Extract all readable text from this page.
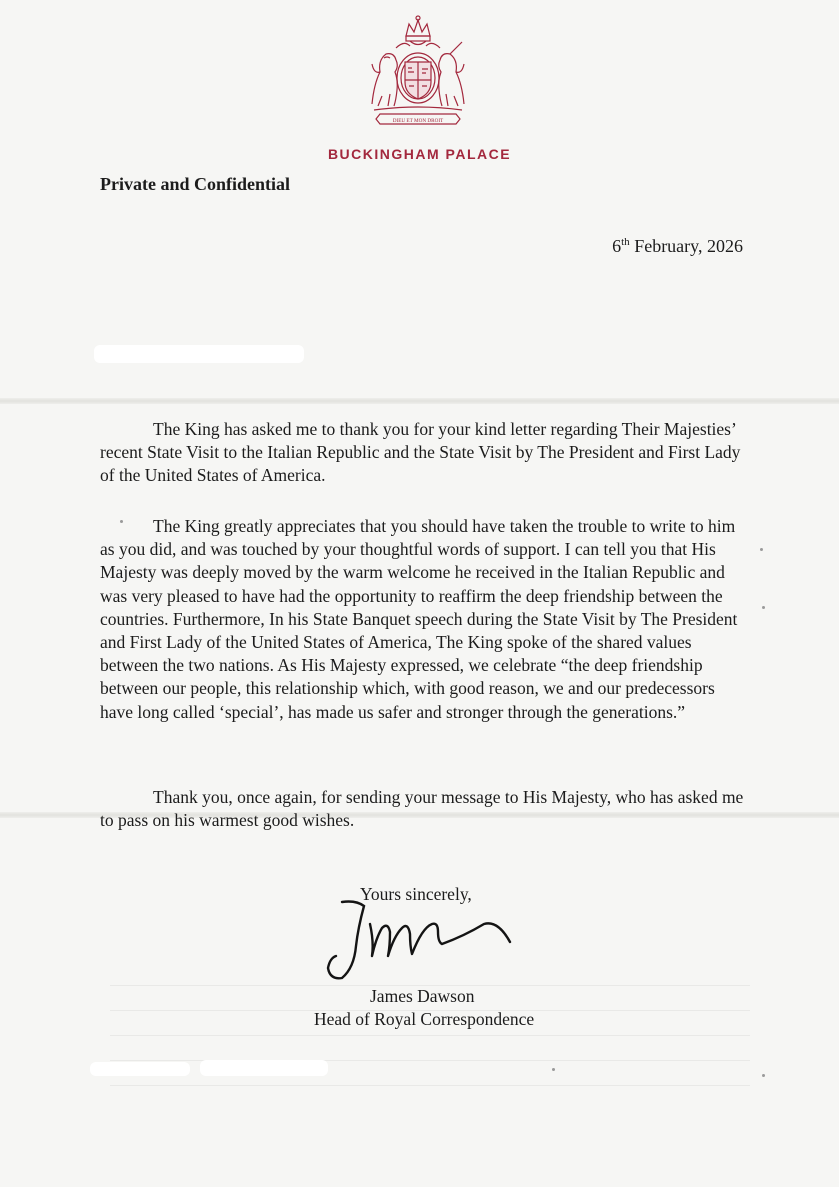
DIEU ET MON DROIT
BUCKINGHAM PALACE
Private and Confidential
6th February, 2026

The King has asked me to thank you for your kind letter regarding Their Majesties’ recent State Visit to the Italian Republic and the State Visit by The President and First Lady of the United States of America.

The King greatly appreciates that you should have taken the trouble to write to him as you did, and was touched by your thoughtful words of support. I can tell you that His Majesty was deeply moved by the warm welcome he received in the Italian Republic and was very pleased to have had the opportunity to reaffirm the deep friendship between the countries. Furthermore, In his State Banquet speech during the State Visit by The President and First Lady of the United States of America, The King spoke of the shared values between the two nations. As His Majesty expressed, we celebrate “the deep friendship between our people, this relationship which, with good reason, we and our predecessors have long called ‘special’, has made us safer and stronger through the generations.”

Thank you, once again, for sending your message to His Majesty, who has asked me to pass on his warmest good wishes.

Yours sincerely,
James Dawson
Head of Royal Correspondence
